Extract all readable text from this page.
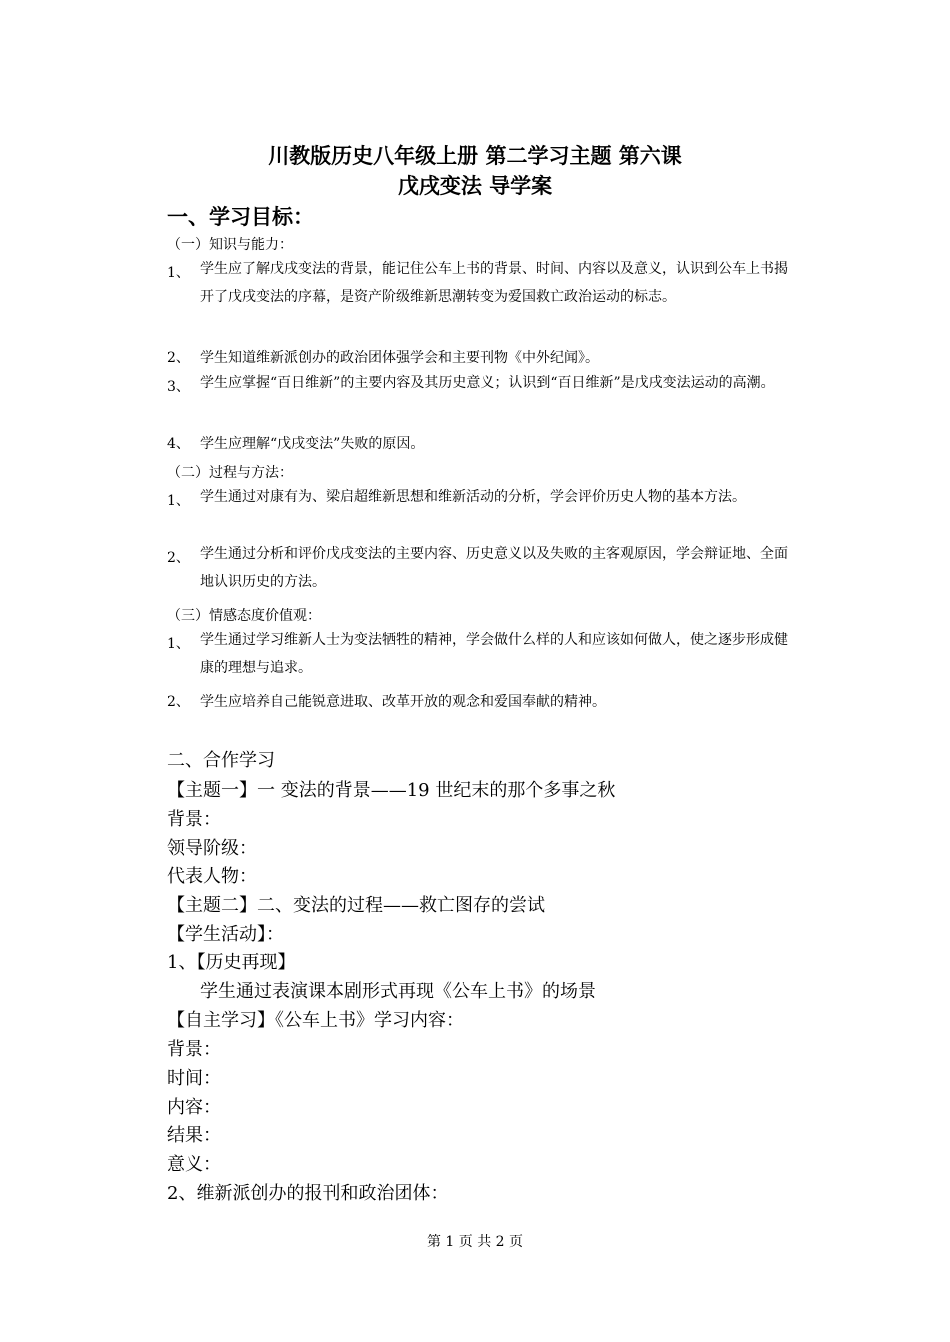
川教版历史八年级上册 第二学习主题 第六课
戊戌变法 导学案
一、学习目标：
（一）知识与能力：
1、 学生应了解戊戌变法的背景，能记住公车上书的背景、时间、内容以及意义，认识到公车上书揭开了戊戌变法的序幕，是资产阶级维新思潮转变为爱国救亡政治运动的标志。
2、 学生知道维新派创办的政治团体强学会和主要刊物《中外纪闻》。
3、 学生应掌握“百日维新”的主要内容及其历史意义；认识到“百日维新”是戊戌变法运动的高潮。
4、 学生应理解“戊戌变法”失败的原因。
（二）过程与方法：
1、 学生通过对康有为、梁启超维新思想和维新活动的分析，学会评价历史人物的基本方法。
2、 学生通过分析和评价戊戌变法的主要内容、历史意义以及失败的主客观原因，学会辩证地、全面地认识历史的方法。
（三）情感态度价值观：
1、 学生通过学习维新人士为变法牺牲的精神，学会做什么样的人和应该如何做人，使之逐步形成健康的理想与追求。
2、 学生应培养自己能锐意进取、改革开放的观念和爱国奉献的精神。
二、合作学习
【主题一】一 变法的背景——19 世纪末的那个多事之秋
背景：
领导阶级：
代表人物：
【主题二】二、变法的过程——救亡图存的尝试
【学生活动】：
1、【历史再现】
学生通过表演课本剧形式再现《公车上书》的场景
【自主学习】《公车上书》学习内容：
背景：
时间：
内容：
结果：
意义：
2、维新派创办的报刊和政治团体：
第 1 页 共 2 页
